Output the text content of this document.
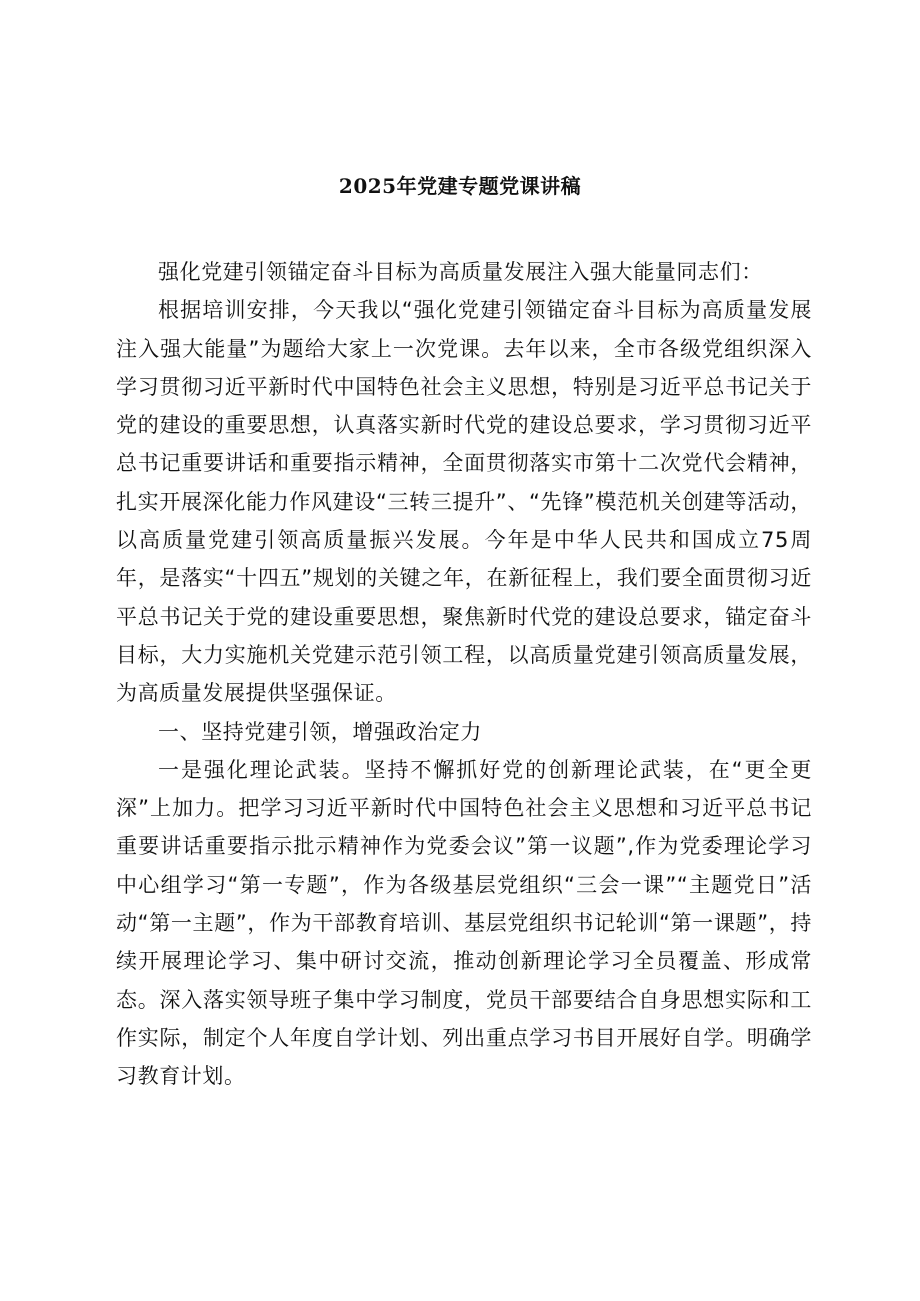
2025年党建专题党课讲稿

强化党建引领锚定奋斗目标为高质量发展注入强大能量同志们：

根据培训安排，今天我以“强化党建引领锚定奋斗目标为高质量发展注入强大能量”为题给大家上一次党课。去年以来，全市各级党组织深入学习贯彻习近平新时代中国特色社会主义思想，特别是习近平总书记关于党的建设的重要思想，认真落实新时代党的建设总要求，学习贯彻习近平总书记重要讲话和重要指示精神，全面贯彻落实市第十二次党代会精神，扎实开展深化能力作风建设“三转三提升”、“先锋”模范机关创建等活动，以高质量党建引领高质量振兴发展。今年是中华人民共和国成立75周年，是落实“十四五”规划的关键之年，在新征程上，我们要全面贯彻习近平总书记关于党的建设重要思想，聚焦新时代党的建设总要求，锚定奋斗目标，大力实施机关党建示范引领工程，以高质量党建引领高质量发展，为高质量发展提供坚强保证。

一、坚持党建引领，增强政治定力

一是强化理论武装。坚持不懈抓好党的创新理论武装，在“更全更深”上加力。把学习习近平新时代中国特色社会主义思想和习近平总书记重要讲话重要指示批示精神作为党委会议”第一议题”,作为党委理论学习中心组学习“第一专题”，作为各级基层党组织“三会一课”“主题党日”活动“第一主题”，作为干部教育培训、基层党组织书记轮训“第一课题”，持续开展理论学习、集中研讨交流，推动创新理论学习全员覆盖、形成常态。深入落实领导班子集中学习制度，党员干部要结合自身思想实际和工作实际，制定个人年度自学计划、列出重点学习书目开展好自学。明确学习教育计划。
